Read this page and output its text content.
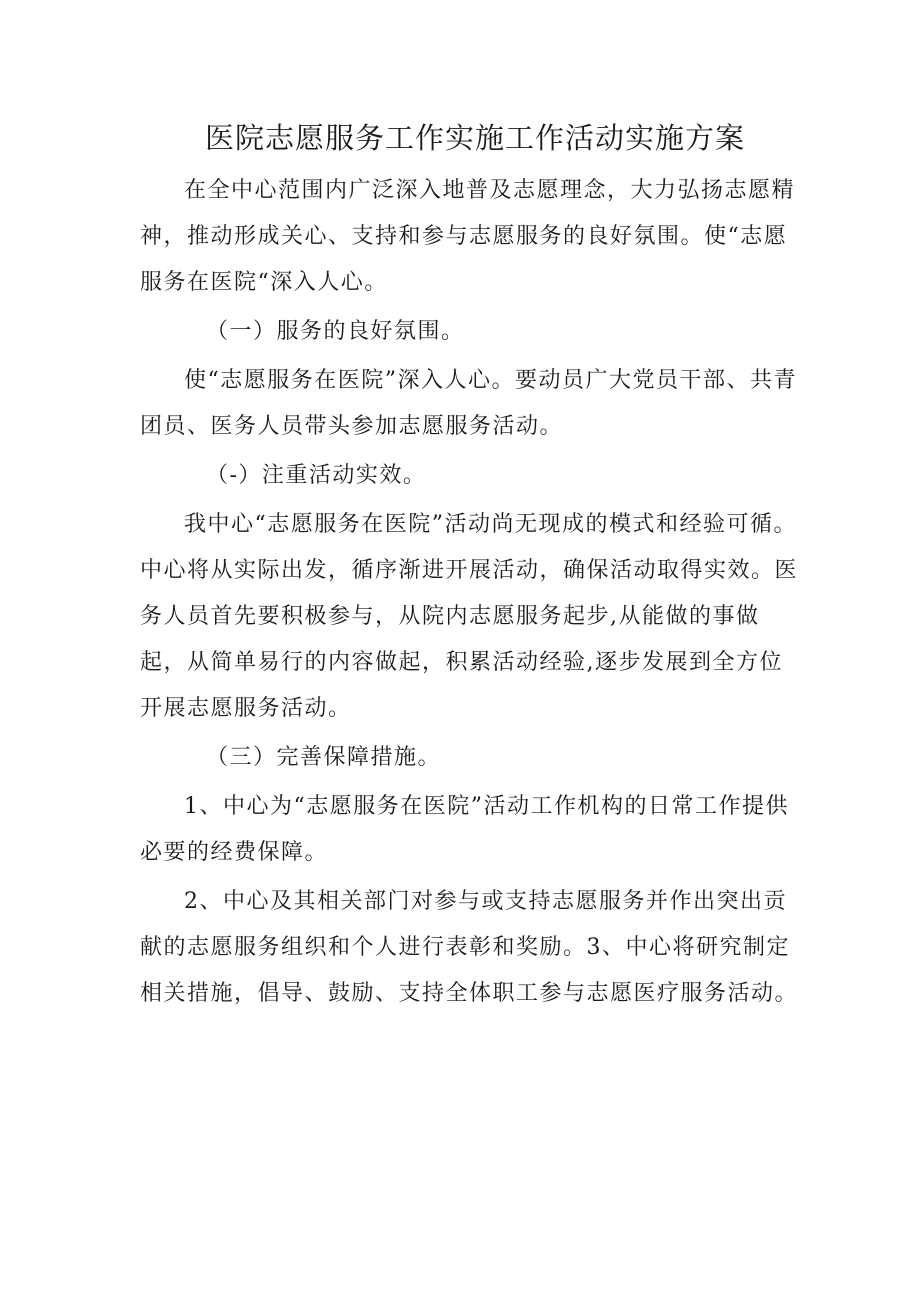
医院志愿服务工作实施工作活动实施方案

在全中心范围内广泛深入地普及志愿理念，大力弘扬志愿精神，推动形成关心、支持和参与志愿服务的良好氛围。使“志愿服务在医院“深入人心。

（一）服务的良好氛围。

使“志愿服务在医院”深入人心。要动员广大党员干部、共青团员、医务人员带头参加志愿服务活动。

（-）注重活动实效。

我中心“志愿服务在医院”活动尚无现成的模式和经验可循。中心将从实际出发，循序渐进开展活动，确保活动取得实效。医务人员首先要积极参与，从院内志愿服务起步,从能做的事做起，从简单易行的内容做起，积累活动经验,逐步发展到全方位开展志愿服务活动。

（三）完善保障措施。

1、中心为“志愿服务在医院”活动工作机构的日常工作提供必要的经费保障。

2、中心及其相关部门对参与或支持志愿服务并作出突出贡献的志愿服务组织和个人进行表彰和奖励。3、中心将研究制定相关措施，倡导、鼓励、支持全体职工参与志愿医疗服务活动。
